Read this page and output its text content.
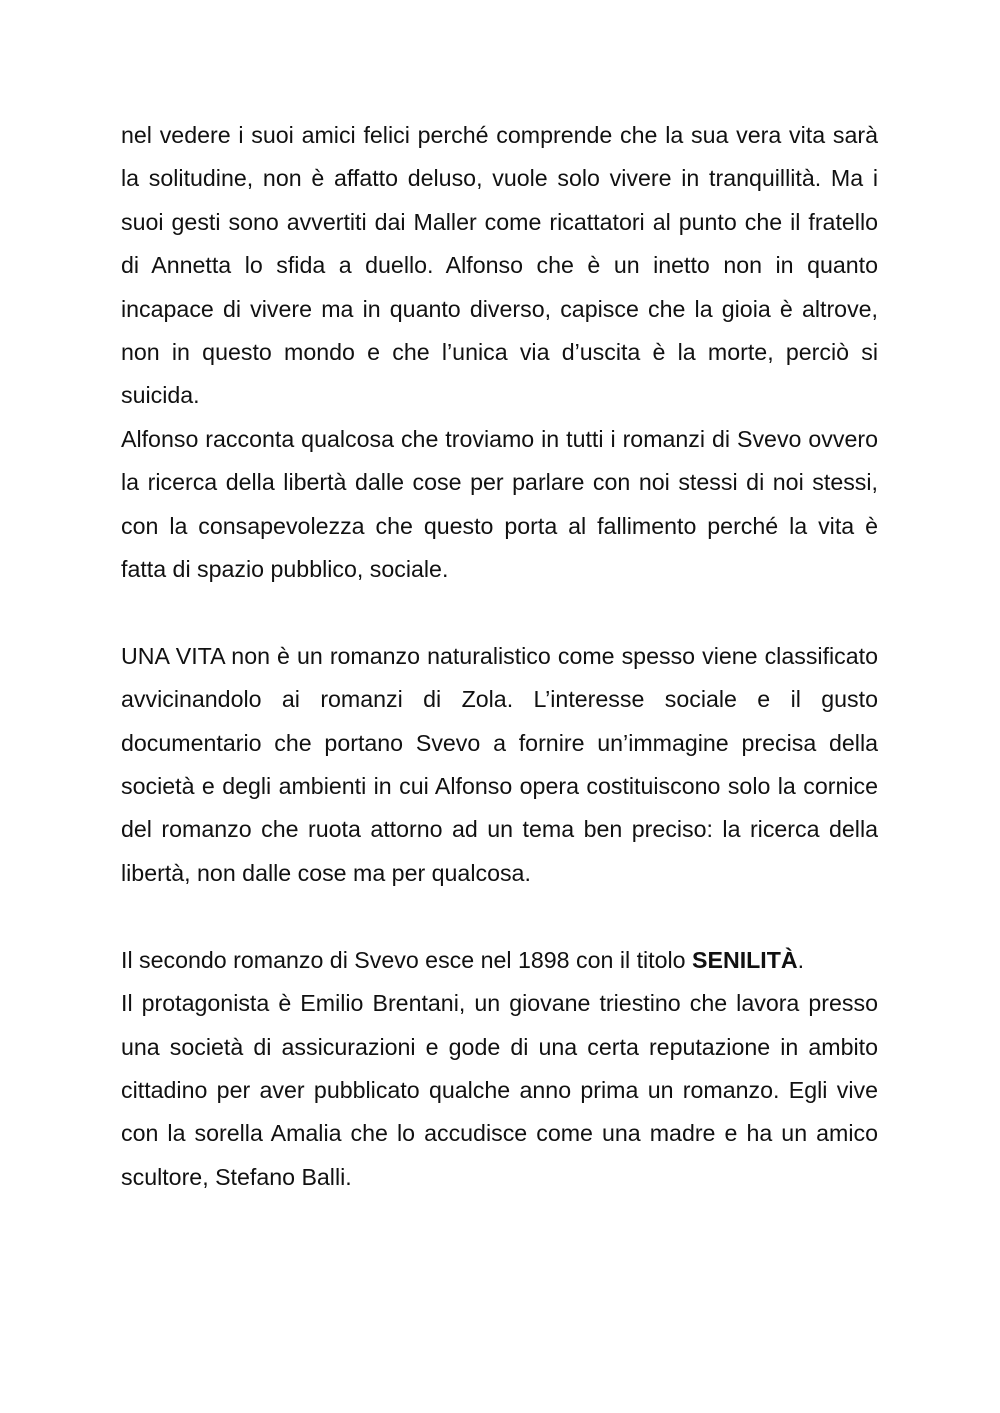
nel vedere i suoi amici felici perché comprende che la sua vera vita sarà la solitudine, non è affatto deluso, vuole solo vivere in tranquillità. Ma i suoi gesti sono avvertiti dai Maller come ricattatori al punto che il fratello di Annetta lo sfida a duello. Alfonso che è un inetto non in quanto incapace di vivere ma in quanto diverso, capisce che la gioia è altrove, non in questo mondo e che l’unica via d’uscita è la morte, perciò si suicida.

Alfonso racconta qualcosa che troviamo in tutti i romanzi di Svevo ovvero la ricerca della libertà dalle cose per parlare con noi stessi di noi stessi, con la consapevolezza che questo porta al fallimento perché la vita è fatta di spazio pubblico, sociale.

UNA VITA non è un romanzo naturalistico come spesso viene classificato avvicinandolo ai romanzi di Zola. L’interesse sociale e il gusto documentario che portano Svevo a fornire un’immagine precisa della società e degli ambienti in cui Alfonso opera costituiscono solo la cornice del romanzo che ruota attorno ad un tema ben preciso: la ricerca della libertà, non dalle cose ma per qualcosa.

Il secondo romanzo di Svevo esce nel 1898 con il titolo SENILITÀ.

Il protagonista è Emilio Brentani, un giovane triestino che lavora presso una società di assicurazioni e gode di una certa reputazione in ambito cittadino per aver pubblicato qualche anno prima un romanzo. Egli vive con la sorella Amalia che lo accudisce come una madre e ha un amico scultore, Stefano Balli.
